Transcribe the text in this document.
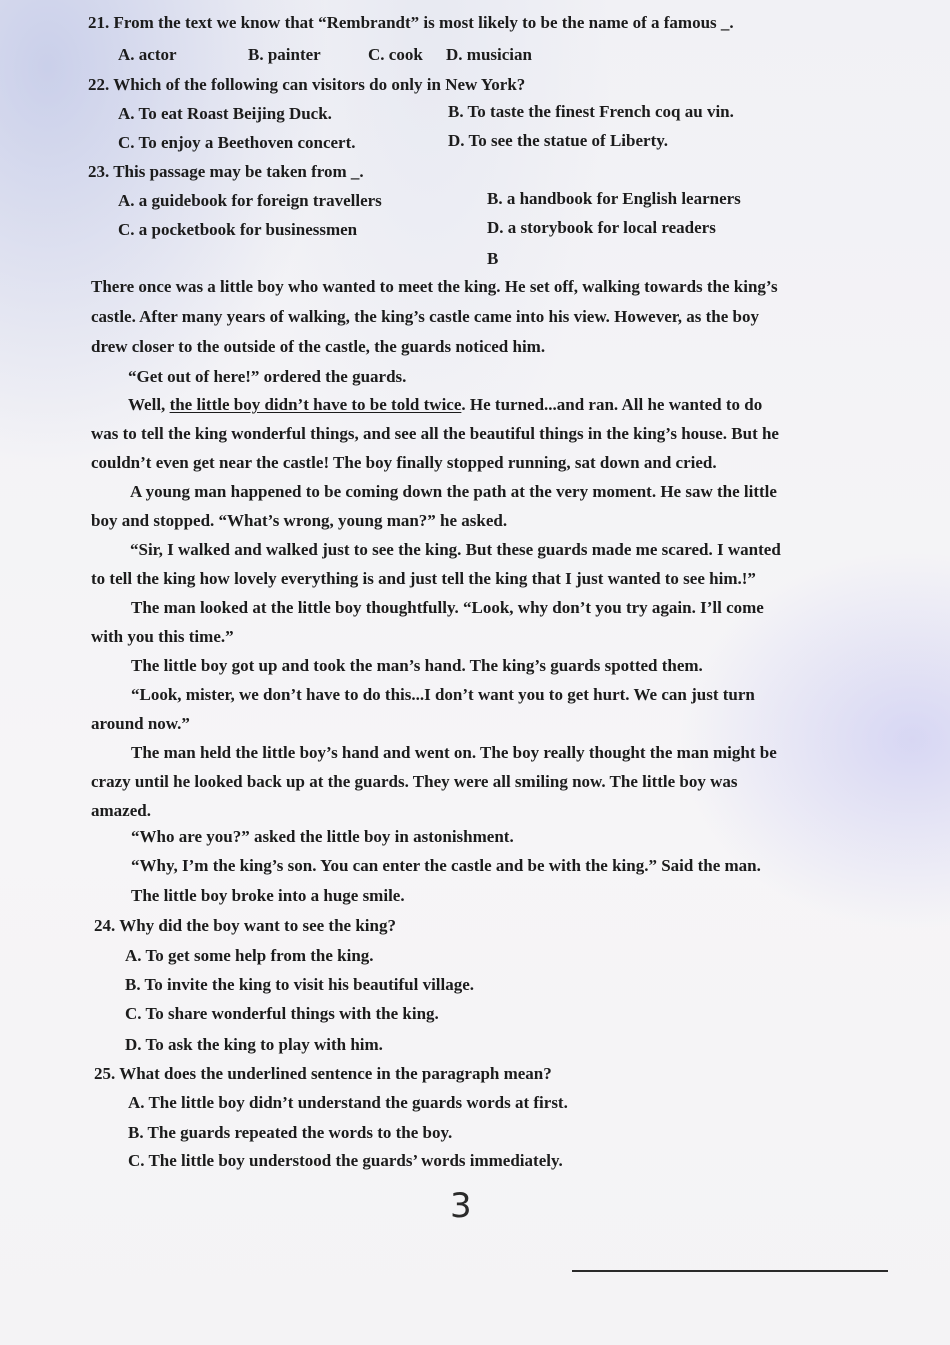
21. From the text we know that “Rembrandt” is most likely to be the name of a famous _.
A. actor	B. painter	C. cook D. musician
22. Which of the following can visitors do only in New York?
A. To eat Roast Beijing Duck.	B. To taste the finest French coq au vin.
C. To enjoy a Beethoven concert.	D. To see the statue of Liberty.
23. This passage may be taken from _.
A. a guidebook for foreign travellers	B. a handbook for English learners
C. a pocketbook for businessmen	D. a storybook for local readers
B
There once was a little boy who wanted to meet the king. He set off, walking towards the king’s
castle. After many years of walking, the king’s castle came into his view. However, as the boy
drew closer to the outside of the castle, the guards noticed him.
“Get out of here!” ordered the guards.
Well, the little boy didn’t have to be told twice. He turned...and ran. All he wanted to do
was to tell the king wonderful things, and see all the beautiful things in the king’s house. But he
couldn’t even get near the castle! The boy finally stopped running, sat down and cried.
A young man happened to be coming down the path at the very moment. He saw the little
boy and stopped. “What’s wrong, young man?” he asked.
“Sir, I walked and walked just to see the king. But these guards made me scared. I wanted
to tell the king how lovely everything is and just tell the king that I just wanted to see him.!”
The man looked at the little boy thoughtfully. “Look, why don’t you try again. I’ll come
with you this time.”
The little boy got up and took the man’s hand. The king’s guards spotted them.
“Look, mister, we don’t have to do this...I don’t want you to get hurt. We can just turn
around now.”
The man held the little boy’s hand and went on. The boy really thought the man might be
crazy until he looked back up at the guards. They were all smiling now. The little boy was
amazed.
“Who are you?” asked the little boy in astonishment.
“Why, I’m the king’s son. You can enter the castle and be with the king.” Said the man.
The little boy broke into a huge smile.
24. Why did the boy want to see the king?
A. To get some help from the king.
B. To invite the king to visit his beautiful village.
C. To share wonderful things with the king.
D. To ask the king to play with him.
25. What does the underlined sentence in the paragraph mean?
A. The little boy didn’t understand the guards words at first.
B. The guards repeated the words to the boy.
C. The little boy understood the guards’ words immediately.
3
